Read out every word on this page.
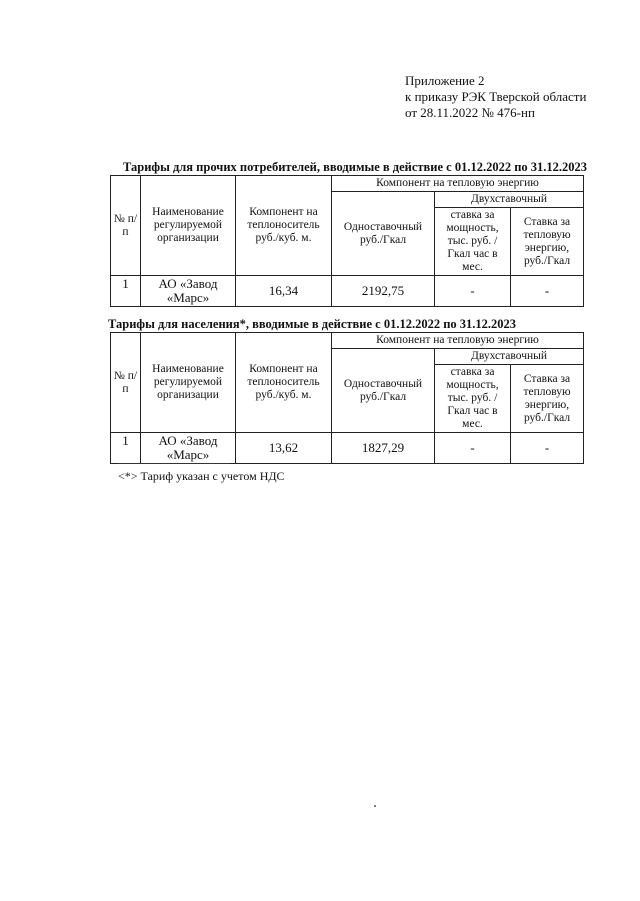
Приложение 2
к приказу РЭК Тверской области
от 28.11.2022 № 476-нп
Тарифы для прочих потребителей, вводимые в действие с 01.12.2022 по 31.12.2023
№ п/п	Наименование регулируемой организации	Компонент на теплоноситель руб./куб. м.	Компонент на тепловую энергию		
			Одноставочный руб./Гкал	Двухставочный	
				ставка за мощность, тыс. руб. /Гкал час в мес.	Ставка за тепловую энергию, руб./Гкал
1	АО «Завод «Марс»	16,34	2192,75	-	-
Тарифы для населения*, вводимые в действие с 01.12.2022 по 31.12.2023
№ п/п	Наименование регулируемой организации	Компонент на теплоноситель руб./куб. м.	Компонент на тепловую энергию		
			Одноставочный руб./Гкал	Двухставочный	
				ставка за мощность, тыс. руб. /Гкал час в мес.	Ставка за тепловую энергию, руб./Гкал
1	АО «Завод «Марс»	13,62	1827,29	-	-
<*> Тариф указан с учетом НДС
